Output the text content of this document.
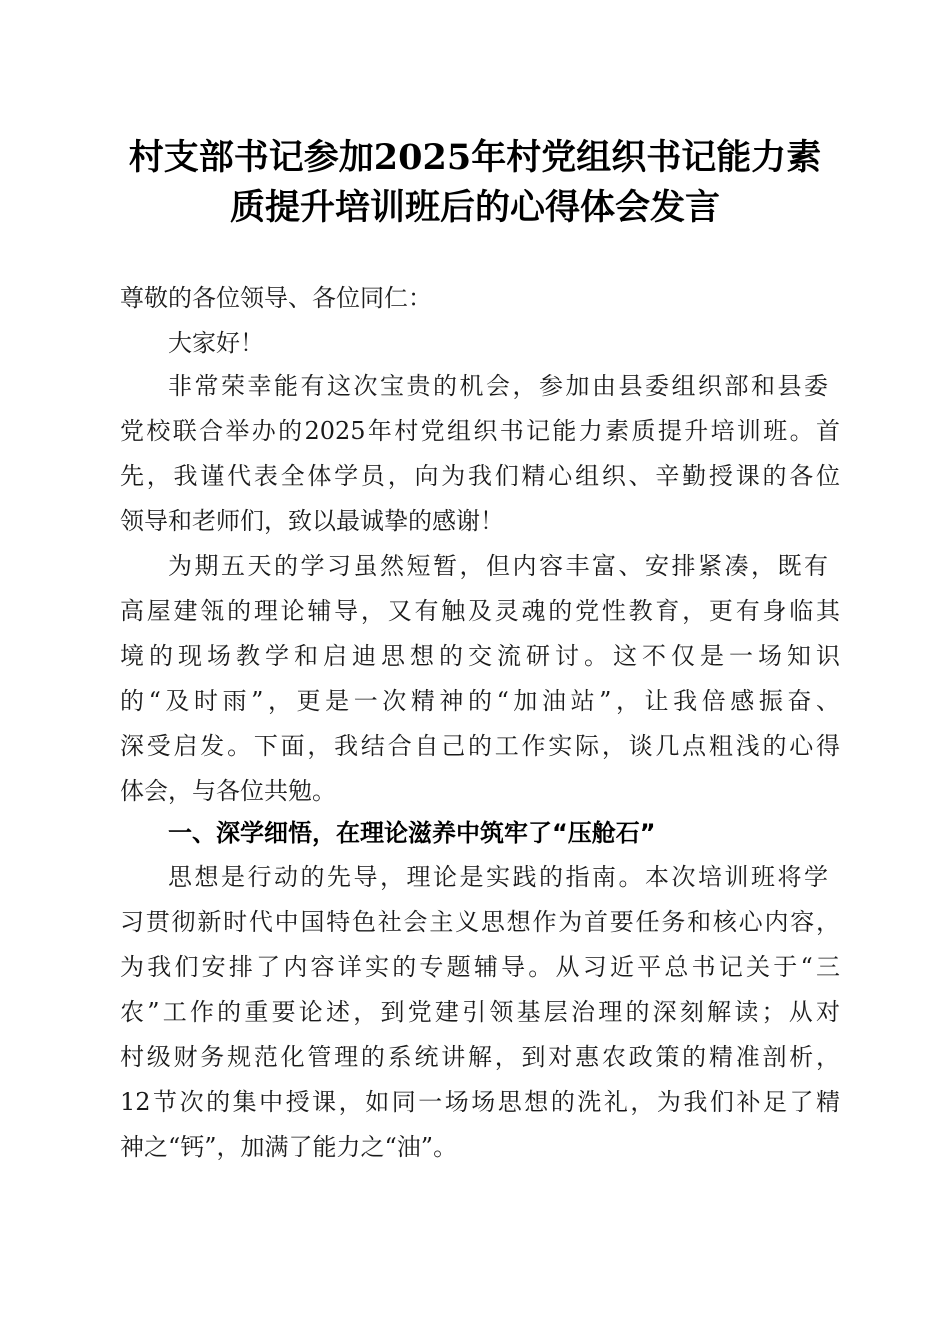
村支部书记参加2025年村党组织书记能力素
质提升培训班后的心得体会发言
尊敬的各位领导、各位同仁：
大家好！
非常荣幸能有这次宝贵的机会，参加由县委组织部和县委
党校联合举办的2025年村党组织书记能力素质提升培训班。首
先，我谨代表全体学员，向为我们精心组织、辛勤授课的各位
领导和老师们，致以最诚挚的感谢！
为期五天的学习虽然短暂，但内容丰富、安排紧凑，既有
高屋建瓴的理论辅导，又有触及灵魂的党性教育，更有身临其
境的现场教学和启迪思想的交流研讨。这不仅是一场知识
的“及时雨”，更是一次精神的“加油站”，让我倍感振奋、
深受启发。下面，我结合自己的工作实际，谈几点粗浅的心得
体会，与各位共勉。
一、深学细悟，在理论滋养中筑牢了“压舱石”
思想是行动的先导，理论是实践的指南。本次培训班将学
习贯彻新时代中国特色社会主义思想作为首要任务和核心内容，
为我们安排了内容详实的专题辅导。从习近平总书记关于“三
农”工作的重要论述，到党建引领基层治理的深刻解读；从对
村级财务规范化管理的系统讲解，到对惠农政策的精准剖析，
12节次的集中授课，如同一场场思想的洗礼，为我们补足了精
神之“钙”，加满了能力之“油”。
